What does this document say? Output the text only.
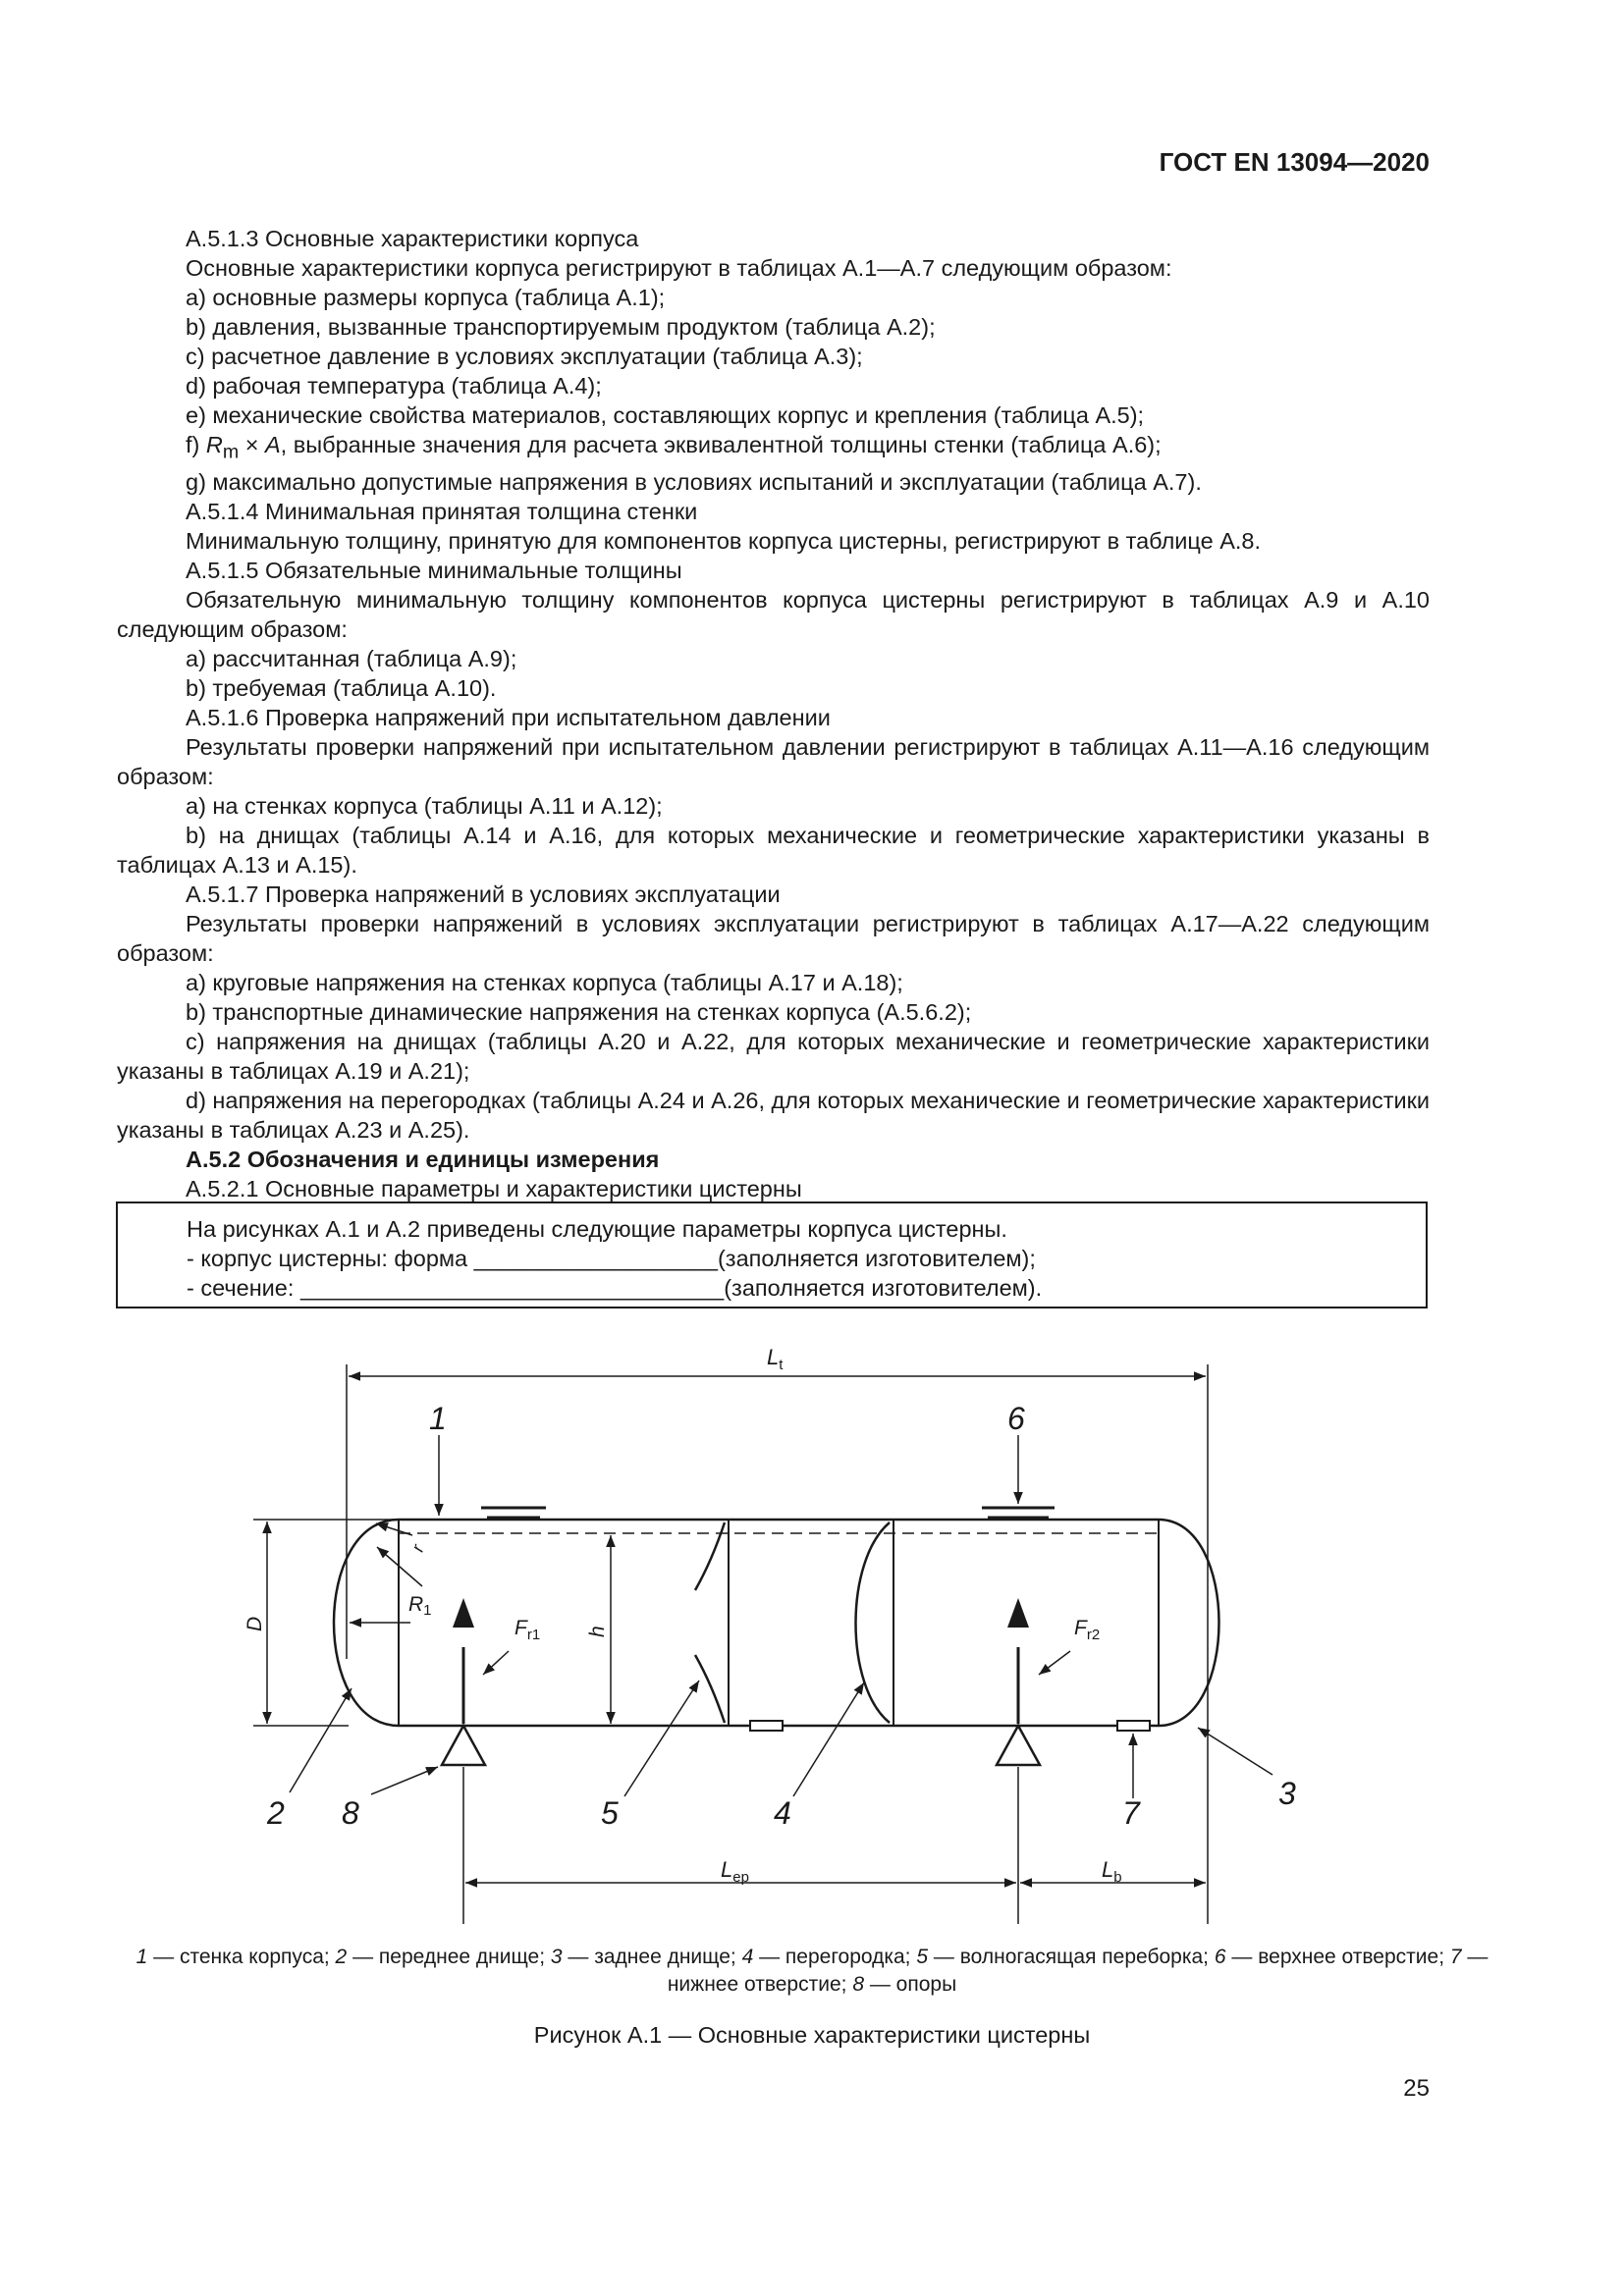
ГОСТ EN 13094—2020

А.5.1.3 Основные характеристики корпуса

Основные характеристики корпуса регистрируют в таблицах А.1—А.7 следующим образом:

a) основные размеры корпуса (таблица А.1);

b) давления, вызванные транспортируемым продуктом (таблица А.2);

c) расчетное давление в условиях эксплуатации (таблица А.3);

d) рабочая температура (таблица А.4);

e) механические свойства материалов, составляющих корпус и крепления (таблица А.5);

f) $R_m \times A$, выбранные значения для расчета эквивалентной толщины стенки (таблица А.6);

g) максимально допустимые напряжения в условиях испытаний и эксплуатации (таблица А.7).

А.5.1.4 Минимальная принятая толщина стенки

Минимальную толщину, принятую для компонентов корпуса цистерны, регистрируют в таблице А.8.

А.5.1.5 Обязательные минимальные толщины

Обязательную минимальную толщину компонентов корпуса цистерны регистрируют в таблицах А.9 и А.10 следующим образом:

a) рассчитанная (таблица А.9);

b) требуемая (таблица А.10).

А.5.1.6 Проверка напряжений при испытательном давлении

Результаты проверки напряжений при испытательном давлении регистрируют в таблицах А.11—А.16 следующим образом:

a) на стенках корпуса (таблицы А.11 и А.12);

b) на днищах (таблицы А.14 и А.16, для которых механические и геометрические характеристики указаны в таблицах А.13 и А.15).

А.5.1.7 Проверка напряжений в условиях эксплуатации

Результаты проверки напряжений в условиях эксплуатации регистрируют в таблицах А.17—А.22 следующим образом:

a) круговые напряжения на стенках корпуса (таблицы А.17 и А.18);

b) транспортные динамические напряжения на стенках корпуса (А.5.6.2);

c) напряжения на днищах (таблицы А.20 и А.22, для которых механические и геометрические характеристики указаны в таблицах А.19 и А.21);

d) напряжения на перегородках (таблицы А.24 и А.26, для которых механические и геометрические характеристики указаны в таблицах А.23 и А.25).

А.5.2 Обозначения и единицы измерения

А.5.2.1 Основные параметры и характеристики цистерны

На рисунках А.1 и А.2 приведены следующие параметры корпуса цистерны.

- корпус цистерны: форма ___________________(заполняется изготовителем);

- сечение: _________________________________(заполняется изготовителем).

$L_t$
$L_{ep}$	$L_b$
D
h
r
R1
$F_{r1}$	$F_{r2}$
1	6
2 8	5	4	7
3
1 — стенка корпуса; 2 — переднее днище; 3 — заднее днище; 4 — перегородка; 5 — волногасящая переборка; 6 — верхнее отверстие; 7 — нижнее отверстие; 8 — опоры
Рисунок А.1 — Основные характеристики цистерны
25
